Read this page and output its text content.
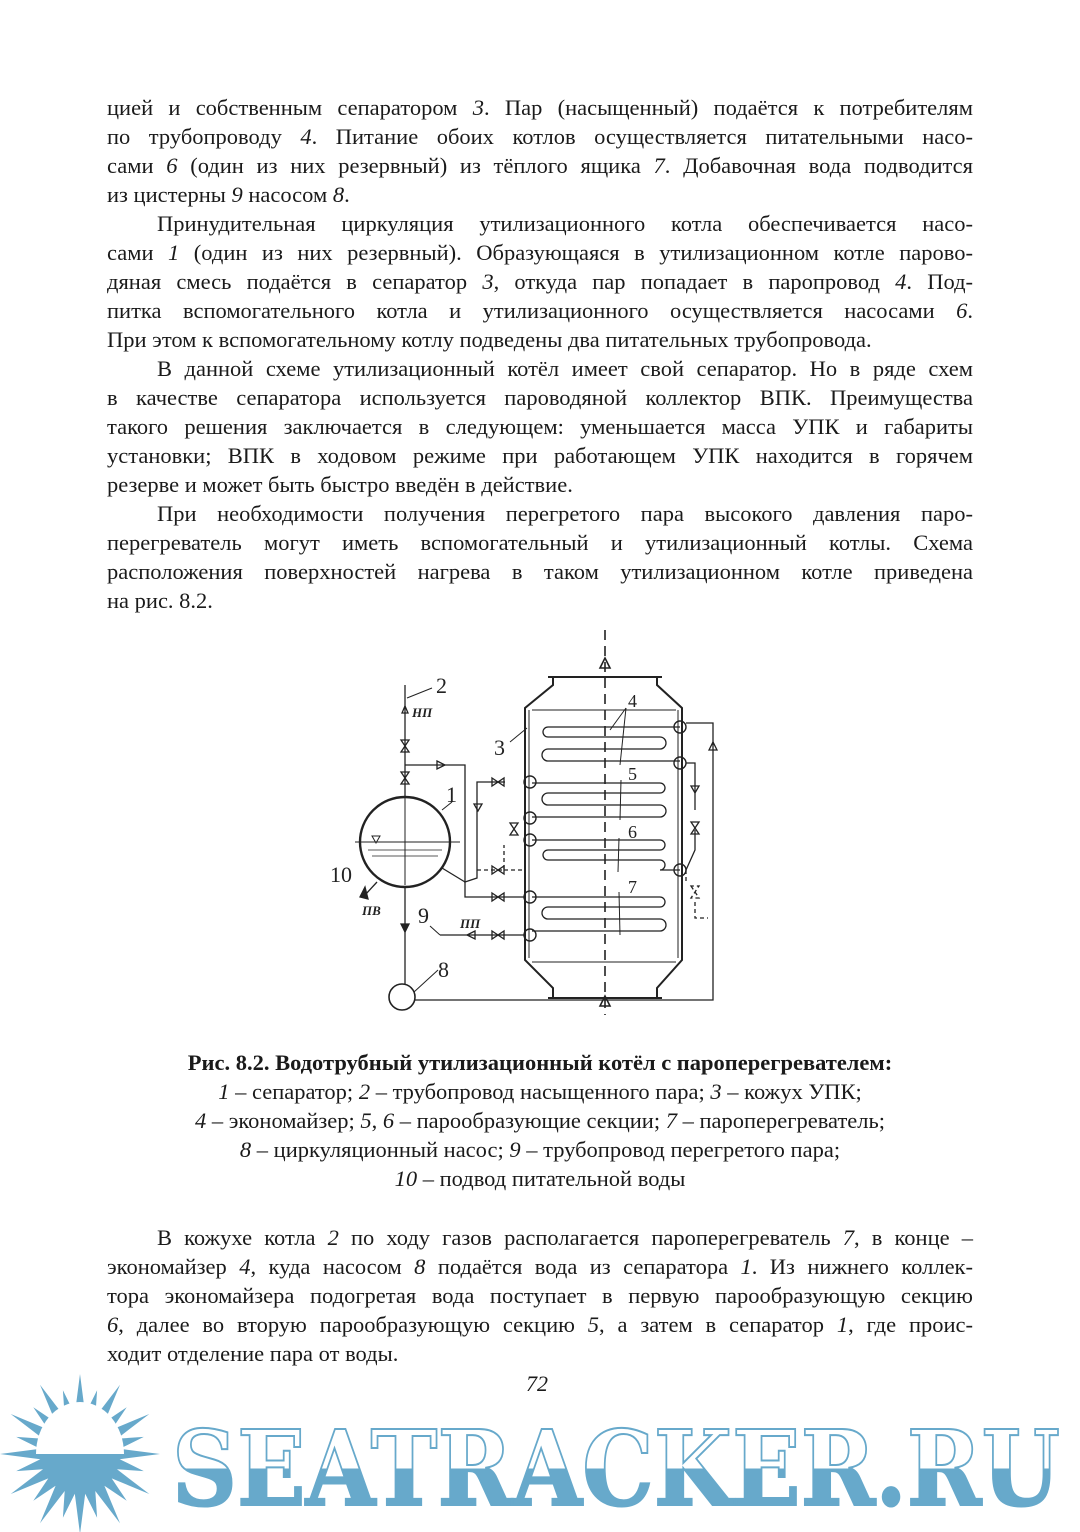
цией и собственным сепаратором 3. Пар (насыщенный) подаётся к потребителям
по трубопроводу 4. Питание обоих котлов осуществляется питательными насо-
сами 6 (один из них резервный) из тёплого ящика 7. Добавочная вода подводится
из цистерны 9 насосом 8.
Принудительная циркуляция утилизационного котла обеспечивается насо-
сами 1 (один из них резервный). Образующаяся в утилизационном котле парово-
дяная смесь подаётся в сепаратор 3, откуда пар попадает в паропровод 4. Под-
питка вспомогательного котла и утилизационного осуществляется насосами 6.
При этом к вспомогательному котлу подведены два питательных трубопровода.
В данной схеме утилизационный котёл имеет свой сепаратор. Но в ряде схем
в качестве сепаратора используется пароводяной коллектор ВПК. Преимущества
такого решения заключается в следующем: уменьшается масса УПК и габариты
установки; ВПК в ходовом режиме при работающем УПК находится в горячем
резерве и может быть быстро введён в действие.
При необходимости получения перегретого пара высокого давления паро-
перегреватель могут иметь вспомогательный и утилизационный котлы. Схема
расположения поверхностей нагрева в таком утилизационном котле приведена
на рис. 8.2.
2
НП
3
4
5
6
7
1
10
ПВ 9 ПП
8
Рис. 8.2. Водотрубный утилизационный котёл с пароперегревателем:
1 – сепаратор; 2 – трубопровод насыщенного пара; 3 – кожух УПК;
4 – экономайзер; 5, 6 – парообразующие секции; 7 – пароперегреватель;
8 – циркуляционный насос; 9 – трубопровод перегретого пара;
10 – подвод питательной воды
В кожухе котла 2 по ходу газов располагается пароперегреватель 7, в конце –
экономайзер 4, куда насосом 8 подаётся вода из сепаратора 1. Из нижнего коллек-
тора экономайзера подогретая вода поступает в первую парообразующую секцию
6, далее во вторую парообразующую секцию 5, а затем в сепаратор 1, где проис-
ходит отделение пара от воды.
SEATRACKER.RU
72
